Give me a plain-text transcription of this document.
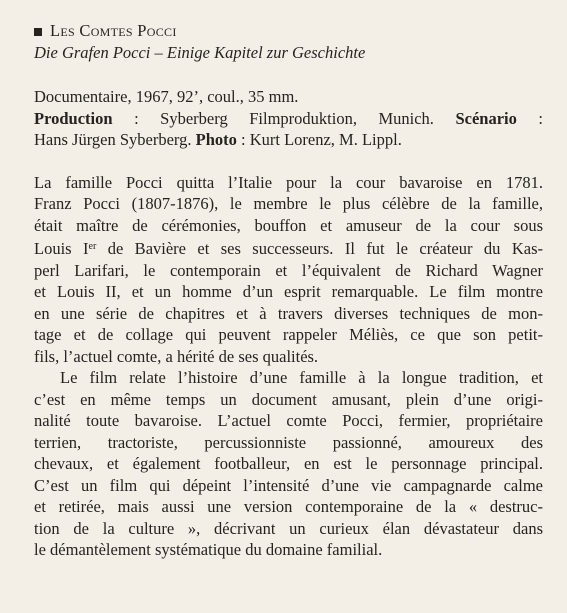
Les Comtes Pocci
Die Grafen Pocci – Einige Kapitel zur Geschichte
Documentaire, 1967, 92’, coul., 35 mm.
Production : Syberberg Filmproduktion, Munich. Scénario :
Hans Jürgen Syberberg. Photo : Kurt Lorenz, M. Lippl.
La famille Pocci quitta l’Italie pour la cour bavaroise en 1781.
Franz Pocci (1807-1876), le membre le plus célèbre de la famille,
était maître de cérémonies, bouffon et amuseur de la cour sous
Louis Ier de Bavière et ses successeurs. Il fut le créateur du Kas-
perl Larifari, le contemporain et l’équivalent de Richard Wagner
et Louis II, et un homme d’un esprit remarquable. Le film montre
en une série de chapitres et à travers diverses techniques de mon-
tage et de collage qui peuvent rappeler Méliès, ce que son petit-
fils, l’actuel comte, a hérité de ses qualités.
Le film relate l’histoire d’une famille à la longue tradition, et
c’est en même temps un document amusant, plein d’une origi-
nalité toute bavaroise. L’actuel comte Pocci, fermier, propriétaire
terrien, tractoriste, percussionniste passionné, amoureux des
chevaux, et également footballeur, en est le personnage principal.
C’est un film qui dépeint l’intensité d’une vie campagnarde calme
et retirée, mais aussi une version contemporaine de la « destruc-
tion de la culture », décrivant un curieux élan dévastateur dans
le démantèlement systématique du domaine familial.
